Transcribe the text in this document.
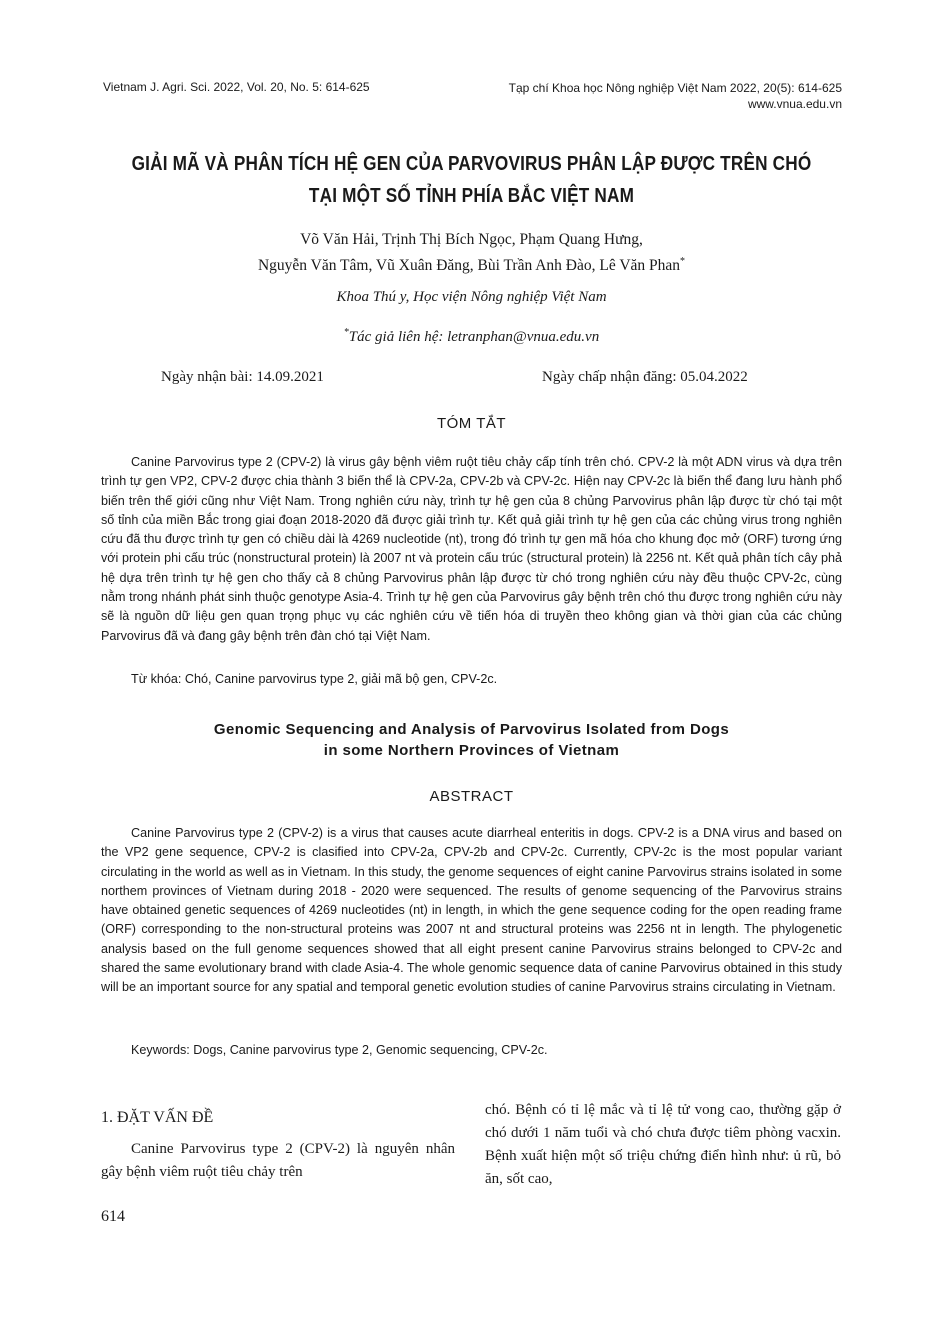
Vietnam J. Agri. Sci. 2022, Vol. 20, No. 5: 614-625	Tạp chí Khoa học Nông nghiệp Việt Nam 2022, 20(5): 614-625
www.vnua.edu.vn
GIẢI MÃ VÀ PHÂN TÍCH HỆ GEN CỦA PARVOVIRUS PHÂN LẬP ĐƯỢC TRÊN CHÓ
TẠI MỘT SỐ TỈNH PHÍA BẮC VIỆT NAM
Võ Văn Hải, Trịnh Thị Bích Ngọc, Phạm Quang Hưng,
Nguyễn Văn Tâm, Vũ Xuân Đăng, Bùi Trần Anh Đào, Lê Văn Phan*
Khoa Thú y, Học viện Nông nghiệp Việt Nam
*Tác giả liên hệ: letranphan@vnua.edu.vn
Ngày nhận bài: 14.09.2021	Ngày chấp nhận đăng: 05.04.2022
TÓM TẮT
Canine Parvovirus type 2 (CPV-2) là virus gây bệnh viêm ruột tiêu chảy cấp tính trên chó. CPV-2 là một ADN virus và dựa trên trình tự gen VP2, CPV-2 được chia thành 3 biến thể là CPV-2a, CPV-2b và CPV-2c. Hiện nay CPV-2c là biến thể đang lưu hành phổ biến trên thế giới cũng như Việt Nam. Trong nghiên cứu này, trình tự hệ gen của 8 chủng Parvovirus phân lập được từ chó tại một số tỉnh của miền Bắc trong giai đoạn 2018-2020 đã được giải trình tự. Kết quả giải trình tự hệ gen của các chủng virus trong nghiên cứu đã thu được trình tự gen có chiều dài là 4269 nucleotide (nt), trong đó trình tự gen mã hóa cho khung đọc mở (ORF) tương ứng với protein phi cấu trúc (nonstructural protein) là 2007 nt và protein cấu trúc (structural protein) là 2256 nt. Kết quả phân tích cây phả hệ dựa trên trình tự hệ gen cho thấy cả 8 chủng Parvovirus phân lập được từ chó trong nghiên cứu này đều thuộc CPV-2c, cùng nằm trong nhánh phát sinh thuộc genotype Asia-4. Trình tự hệ gen của Parvovirus gây bệnh trên chó thu được trong nghiên cứu này sẽ là nguồn dữ liệu gen quan trọng phục vụ các nghiên cứu về tiến hóa di truyền theo không gian và thời gian của các chủng Parvovirus đã và đang gây bệnh trên đàn chó tại Việt Nam.
Từ khóa: Chó, Canine parvovirus type 2, giải mã bộ gen, CPV-2c.
Genomic Sequencing and Analysis of Parvovirus Isolated from Dogs
in some Northern Provinces of Vietnam
ABSTRACT
Canine Parvovirus type 2 (CPV-2) is a virus that causes acute diarrheal enteritis in dogs. CPV-2 is a DNA virus and based on the VP2 gene sequence, CPV-2 is clasified into CPV-2a, CPV-2b and CPV-2c. Currently, CPV-2c is the most popular variant circulating in the world as well as in Vietnam. In this study, the genome sequences of eight canine Parvovirus strains isolated in some northem provinces of Vietnam during 2018 - 2020 were sequenced. The results of genome sequencing of the Parvovirus strains have obtained genetic sequences of 4269 nucleotides (nt) in length, in which the gene sequence coding for the open reading frame (ORF) corresponding to the non-structural proteins was 2007 nt and structural proteins was 2256 nt in length. The phylogenetic analysis based on the full genome sequences showed that all eight present canine Parvovirus strains belonged to CPV-2c and shared the same evolutionary brand with clade Asia-4. The whole genomic sequence data of canine Parvovirus obtained in this study will be an important source for any spatial and temporal genetic evolution studies of canine Parvovirus strains circulating in Vietnam.
Keywords: Dogs, Canine parvovirus type 2, Genomic sequencing, CPV-2c.
1. ĐẶT VẤN ĐỀ
Canine Parvovirus type 2 (CPV-2) là nguyên nhân gây bệnh viêm ruột tiêu chảy trên
chó. Bệnh có tỉ lệ mắc và tỉ lệ tử vong cao, thường gặp ở chó dưới 1 năm tuổi và chó chưa được tiêm phòng vacxin. Bệnh xuất hiện một số triệu chứng điển hình như: ủ rũ, bỏ ăn, sốt cao,
614
